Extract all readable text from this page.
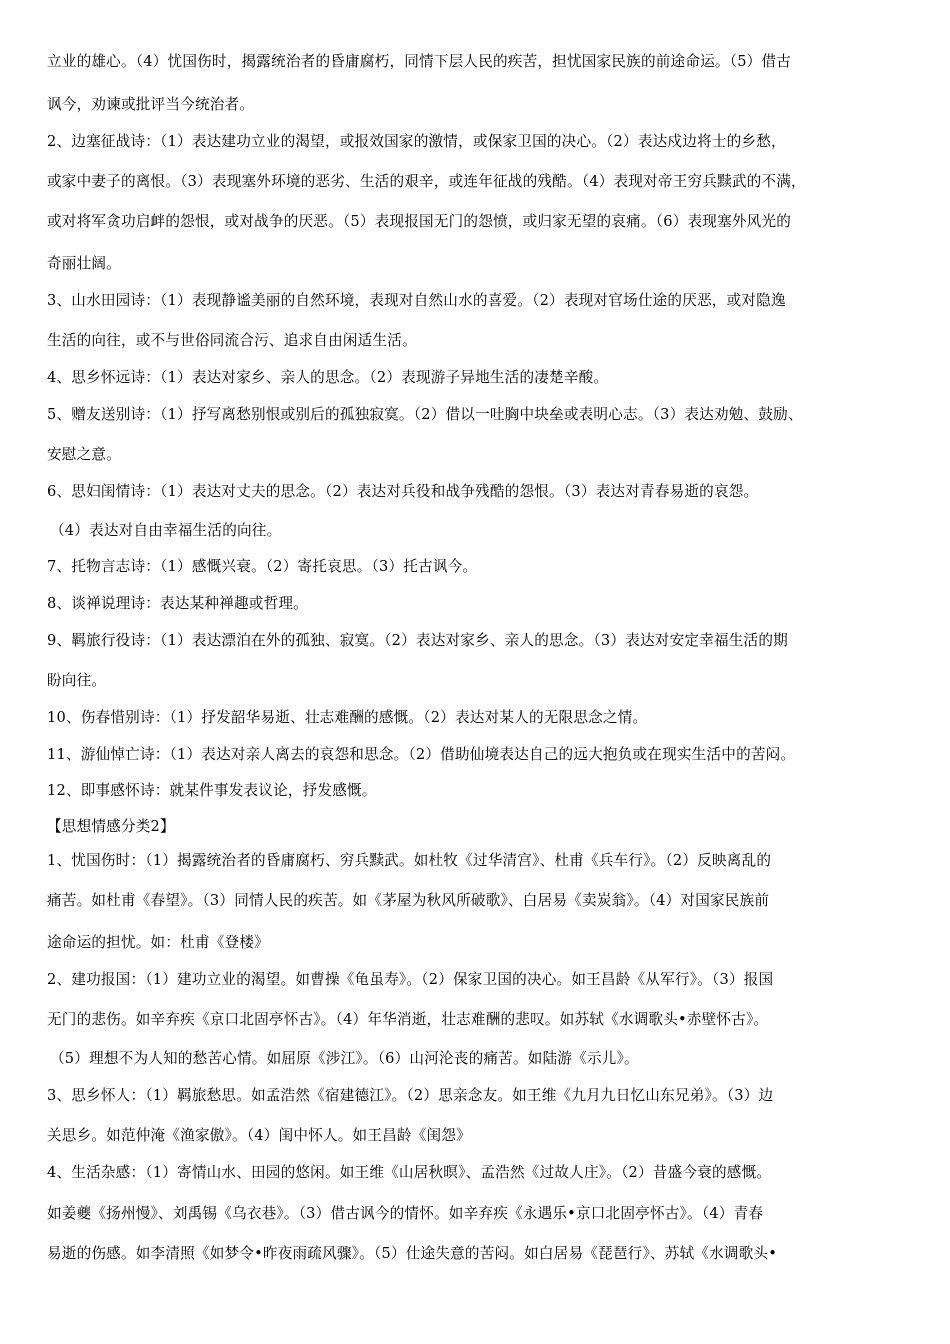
立业的雄心。（4）忧国伤时，揭露统治者的昏庸腐朽，同情下层人民的疾苦，担忧国家民族的前途命运。（5）借古
讽今，劝谏或批评当今统治者。
2、边塞征战诗：（1）表达建功立业的渴望，或报效国家的激情，或保家卫国的决心。（2）表达戍边将士的乡愁，
或家中妻子的离恨。（3）表现塞外环境的恶劣、生活的艰辛，或连年征战的残酷。（4）表现对帝王穷兵黩武的不满，
或对将军贪功启衅的怨恨，或对战争的厌恶。（5）表现报国无门的怨愤，或归家无望的哀痛。（6）表现塞外风光的
奇丽壮阔。
3、山水田园诗：（1）表现静谧美丽的自然环境，表现对自然山水的喜爱。（2）表现对官场仕途的厌恶，或对隐逸
生活的向往，或不与世俗同流合污、追求自由闲适生活。
4、思乡怀远诗：（1）表达对家乡、亲人的思念。（2）表现游子异地生活的凄楚辛酸。
5、赠友送别诗：（1）抒写离愁别恨或别后的孤独寂寞。（2）借以一吐胸中块垒或表明心志。（3）表达劝勉、鼓励、
安慰之意。
6、思妇闺情诗：（1）表达对丈夫的思念。（2）表达对兵役和战争残酷的怨恨。（3）表达对青春易逝的哀怨。
（4）表达对自由幸福生活的向往。
7、托物言志诗：（1）感慨兴衰。（2）寄托哀思。（3）托古讽今。
8、谈禅说理诗：表达某种禅趣或哲理。
9、羁旅行役诗：（1）表达漂泊在外的孤独、寂寞。（2）表达对家乡、亲人的思念。（3）表达对安定幸福生活的期
盼向往。
10、伤春惜别诗：（1）抒发韶华易逝、壮志难酬的感慨。（2）表达对某人的无限思念之情。
11、游仙悼亡诗：（1）表达对亲人离去的哀怨和思念。（2）借助仙境表达自己的远大抱负或在现实生活中的苦闷。
12、即事感怀诗：就某件事发表议论，抒发感慨。
【思想情感分类2】
1、忧国伤时：（1）揭露统治者的昏庸腐朽、穷兵黩武。如杜牧《过华清宫》、杜甫《兵车行》。（2）反映离乱的
痛苦。如杜甫《春望》。（3）同情人民的疾苦。如《茅屋为秋风所破歌》、白居易《卖炭翁》。（4）对国家民族前
途命运的担忧。如：杜甫《登楼》
2、建功报国：（1）建功立业的渴望。如曹操《龟虽寿》。（2）保家卫国的决心。如王昌龄《从军行》。（3）报国
无门的悲伤。如辛弃疾《京口北固亭怀古》。（4）年华消逝，壮志难酬的悲叹。如苏轼《水调歌头•赤壁怀古》。
（5）理想不为人知的愁苦心情。如屈原《涉江》。（6）山河沦丧的痛苦。如陆游《示儿》。
3、思乡怀人：（1）羁旅愁思。如孟浩然《宿建德江》。（2）思亲念友。如王维《九月九日忆山东兄弟》。（3）边
关思乡。如范仲淹《渔家傲》。（4）闺中怀人。如王昌龄《闺怨》
4、生活杂感：（1）寄情山水、田园的悠闲。如王维《山居秋暝》、孟浩然《过故人庄》。（2）昔盛今衰的感慨。
如姜夔《扬州慢》、刘禹锡《乌衣巷》。（3）借古讽今的情怀。如辛弃疾《永遇乐•京口北固亭怀古》。（4）青春
易逝的伤感。如李清照《如梦令•昨夜雨疏风骤》。（5）仕途失意的苦闷。如白居易《琵琶行》、苏轼《水调歌头•
